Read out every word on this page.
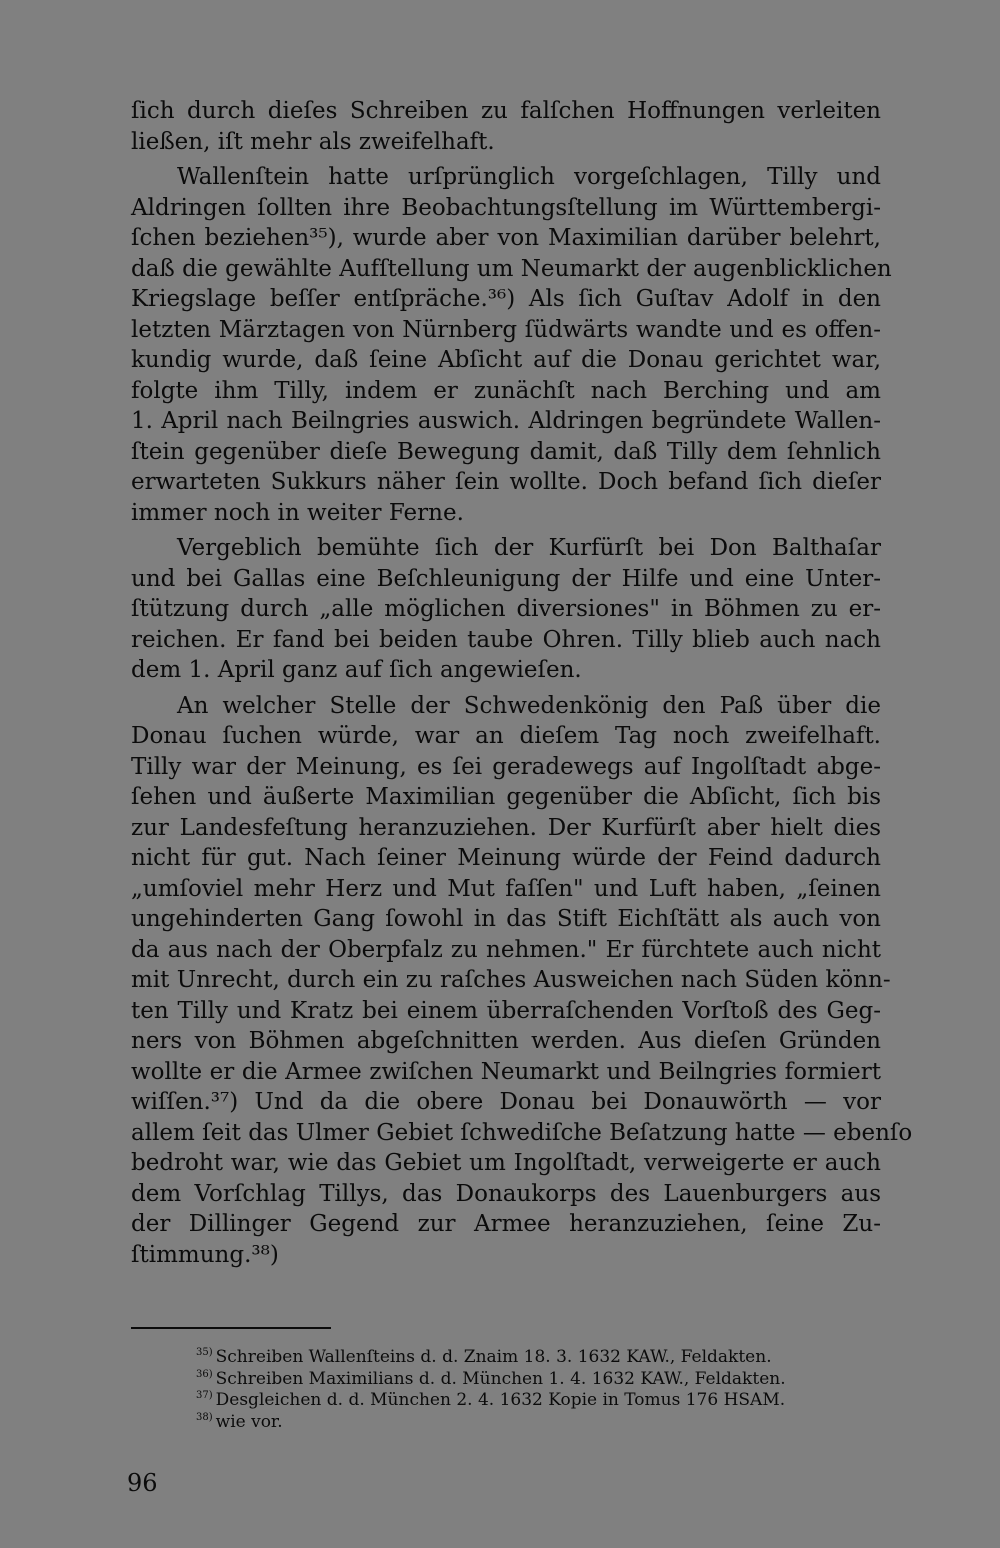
ſich durch dieſes Schreiben zu falſchen Hoffnungen verleiten
ließen, iſt mehr als zweifelhaft.
Wallenſtein hatte urſprünglich vorgeſchlagen, Tilly und
Aldringen ſollten ihre Beobachtungsſtellung im Württembergi-
ſchen beziehen³⁵), wurde aber von Maximilian darüber belehrt,
daß die gewählte Aufſtellung um Neumarkt der augenblicklichen
Kriegslage beſſer entſpräche.³⁶) Als ſich Guſtav Adolf in den
letzten Märztagen von Nürnberg ſüdwärts wandte und es offen-
kundig wurde, daß ſeine Abſicht auf die Donau gerichtet war,
folgte ihm Tilly, indem er zunächſt nach Berching und am
1. April nach Beilngries auswich. Aldringen begründete Wallen-
ſtein gegenüber dieſe Bewegung damit, daß Tilly dem ſehnlich
erwarteten Sukkurs näher ſein wollte. Doch befand ſich dieſer
immer noch in weiter Ferne.
Vergeblich bemühte ſich der Kurfürſt bei Don Balthaſar
und bei Gallas eine Beſchleunigung der Hilfe und eine Unter-
ſtützung durch „alle möglichen diversiones" in Böhmen zu er-
reichen. Er fand bei beiden taube Ohren. Tilly blieb auch nach
dem 1. April ganz auf ſich angewieſen.
An welcher Stelle der Schwedenkönig den Paß über die
Donau ſuchen würde, war an dieſem Tag noch zweifelhaft.
Tilly war der Meinung, es ſei geradewegs auf Ingolſtadt abge-
ſehen und äußerte Maximilian gegenüber die Abſicht, ſich bis
zur Landesfeſtung heranzuziehen. Der Kurfürſt aber hielt dies
nicht für gut. Nach ſeiner Meinung würde der Feind dadurch
„umſoviel mehr Herz und Mut faſſen" und Luft haben, „ſeinen
ungehinderten Gang ſowohl in das Stift Eichſtätt als auch von
da aus nach der Oberpfalz zu nehmen." Er fürchtete auch nicht
mit Unrecht, durch ein zu raſches Ausweichen nach Süden könn-
ten Tilly und Kratz bei einem überraſchenden Vorſtoß des Geg-
ners von Böhmen abgeſchnitten werden. Aus dieſen Gründen
wollte er die Armee zwiſchen Neumarkt und Beilngries formiert
wiſſen.³⁷) Und da die obere Donau bei Donauwörth — vor
allem ſeit das Ulmer Gebiet ſchwediſche Beſatzung hatte — ebenſo
bedroht war, wie das Gebiet um Ingolſtadt, verweigerte er auch
dem Vorſchlag Tillys, das Donaukorps des Lauenburgers aus
der Dillinger Gegend zur Armee heranzuziehen, ſeine Zu-
ſtimmung.³⁸)
$^{35)}$ Schreiben Wallenſteins d. d. Znaim 18. 3. 1632 KAW., Feldakten.
$^{36)}$ Schreiben Maximilians d. d. München 1. 4. 1632 KAW., Feldakten.
$^{37)}$ Desgleichen d. d. München 2. 4. 1632 Kopie in Tomus 176 HSAM.
$^{38)}$ wie vor.
96
